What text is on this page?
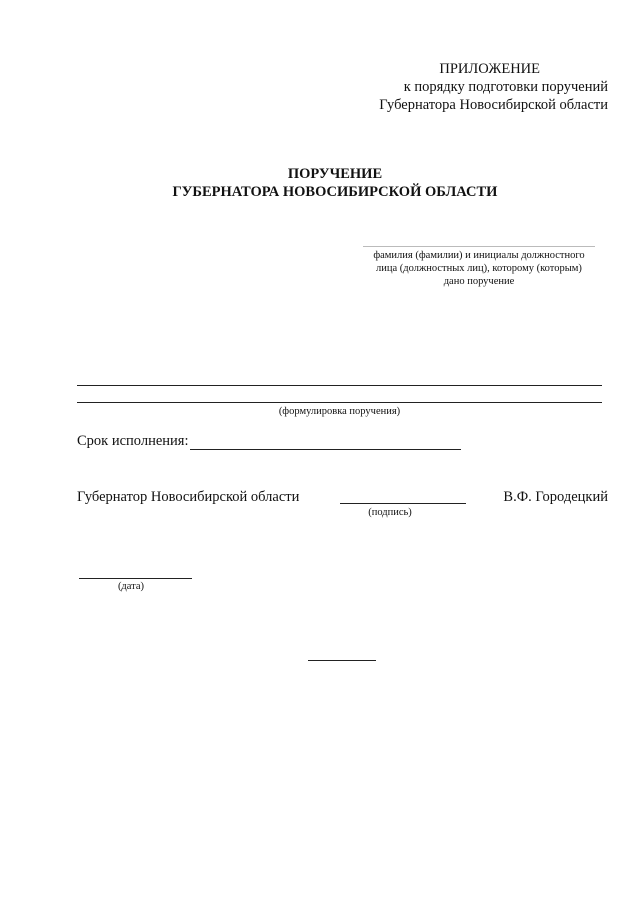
ПРИЛОЖЕНИЕ
к порядку подготовки поручений
Губернатора Новосибирской области
ПОРУЧЕНИЕ
ГУБЕРНАТОРА НОВОСИБИРСКОЙ ОБЛАСТИ
фамилия (фамилии) и инициалы должностного
лица (должностных лиц), которому (которым)
дано поручение
(формулировка поручения)
Срок исполнения:
Губернатор Новосибирской области
(подпись)
В.Ф. Городецкий
(дата)
